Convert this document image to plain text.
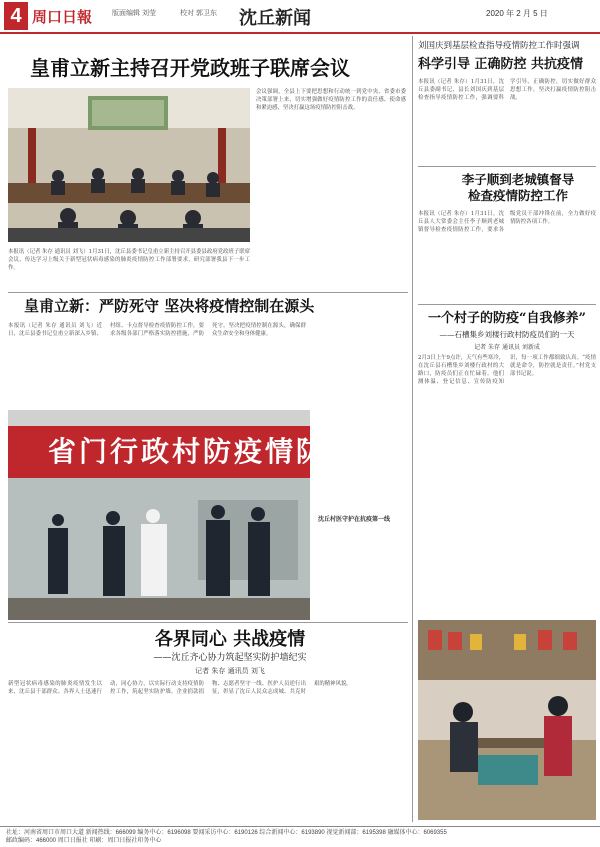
4 周口日報	版面编辑 刘莹	校对 郭卫东	沈丘新闻	2020 年 2 月 5 日
皇甫立新主持召开党政班子联席会议
会议强调，全县上下要把思想和行动统一到党中央、省委市委决策部署上来，切实增强做好疫情防控工作的责任感、使命感和紧迫感，坚决打赢这场疫情防控阻击战。
本报讯（记者 朱存 通讯员 刘飞）1月31日，沈丘县委书记皇甫立新主持召开县委县政府党政班子联席会议，传达学习上级关于新型冠状病毒感染的肺炎疫情防控工作部署要求，研究部署我县下一步工作。
皇甫立新：严防死守 坚决将疫情控制在源头
本报讯（记者 朱存 通讯员 刘飞）近日，沈丘县委书记皇甫立新深入乡镇、村组、卡点督导检查疫情防控工作，要求各级各部门严格落实防控措施，严防死守，坚决把疫情控制在源头，确保群众生命安全和身体健康。
省门行政村防疫情防控
沈丘村医守护在抗疫第一线
各界同心 共战疫情
——沈丘齐心协力筑起坚实防护墙纪实
记者 朱存 通讯员 刘飞
新型冠状病毒感染的肺炎疫情发生以来，沈丘县干部群众、各界人士迅速行动，同心协力，以实际行动支持疫情防控工作，筑起坚实防护墙。企业捐款捐物、志愿者坚守一线、医护人员逆行出征，彰显了沈丘人民众志成城、共克时艰的精神风貌。
刘国庆到基层检查指导疫情防控工作时强调
科学引导 正确防控 共抗疫情
本报讯（记者 朱存）1月31日，沈丘县委副书记、县长刘国庆到基层检查指导疫情防控工作，强调要科学引导、正确防控，切实做好群众思想工作，坚决打赢疫情防控阻击战。
李子顺到老城镇督导
检查疫情防控工作
本报讯（记者 朱存）1月31日，沈丘县人大常委会主任李子顺到老城镇督导检查疫情防控工作，要求各级党员干部冲锋在前，全力做好疫情防控各项工作。
一个村子的防疫“自我修养”
——石槽集乡刘楼行政村防疫员们的一天
记者 朱存 通讯员 刘新成
2月3日上午9点许，天气有些寒冷，在沈丘县石槽集乡刘楼行政村的大路口，防疫员们正在忙碌着。他们测体温、登记信息、宣传防疫知识，每一项工作都细致认真。“疫情就是命令，防控就是责任。”村党支部书记说。
社址：河南省周口市周口大道 新闻热线：666099 编务中心：6196098 要闻采访中心：6190126 综合新闻中心：6193890 视觉新闻部：6195398 融媒体中心：6069355
邮政编码：466000 周口日报社 印刷：周口日报社印务中心
